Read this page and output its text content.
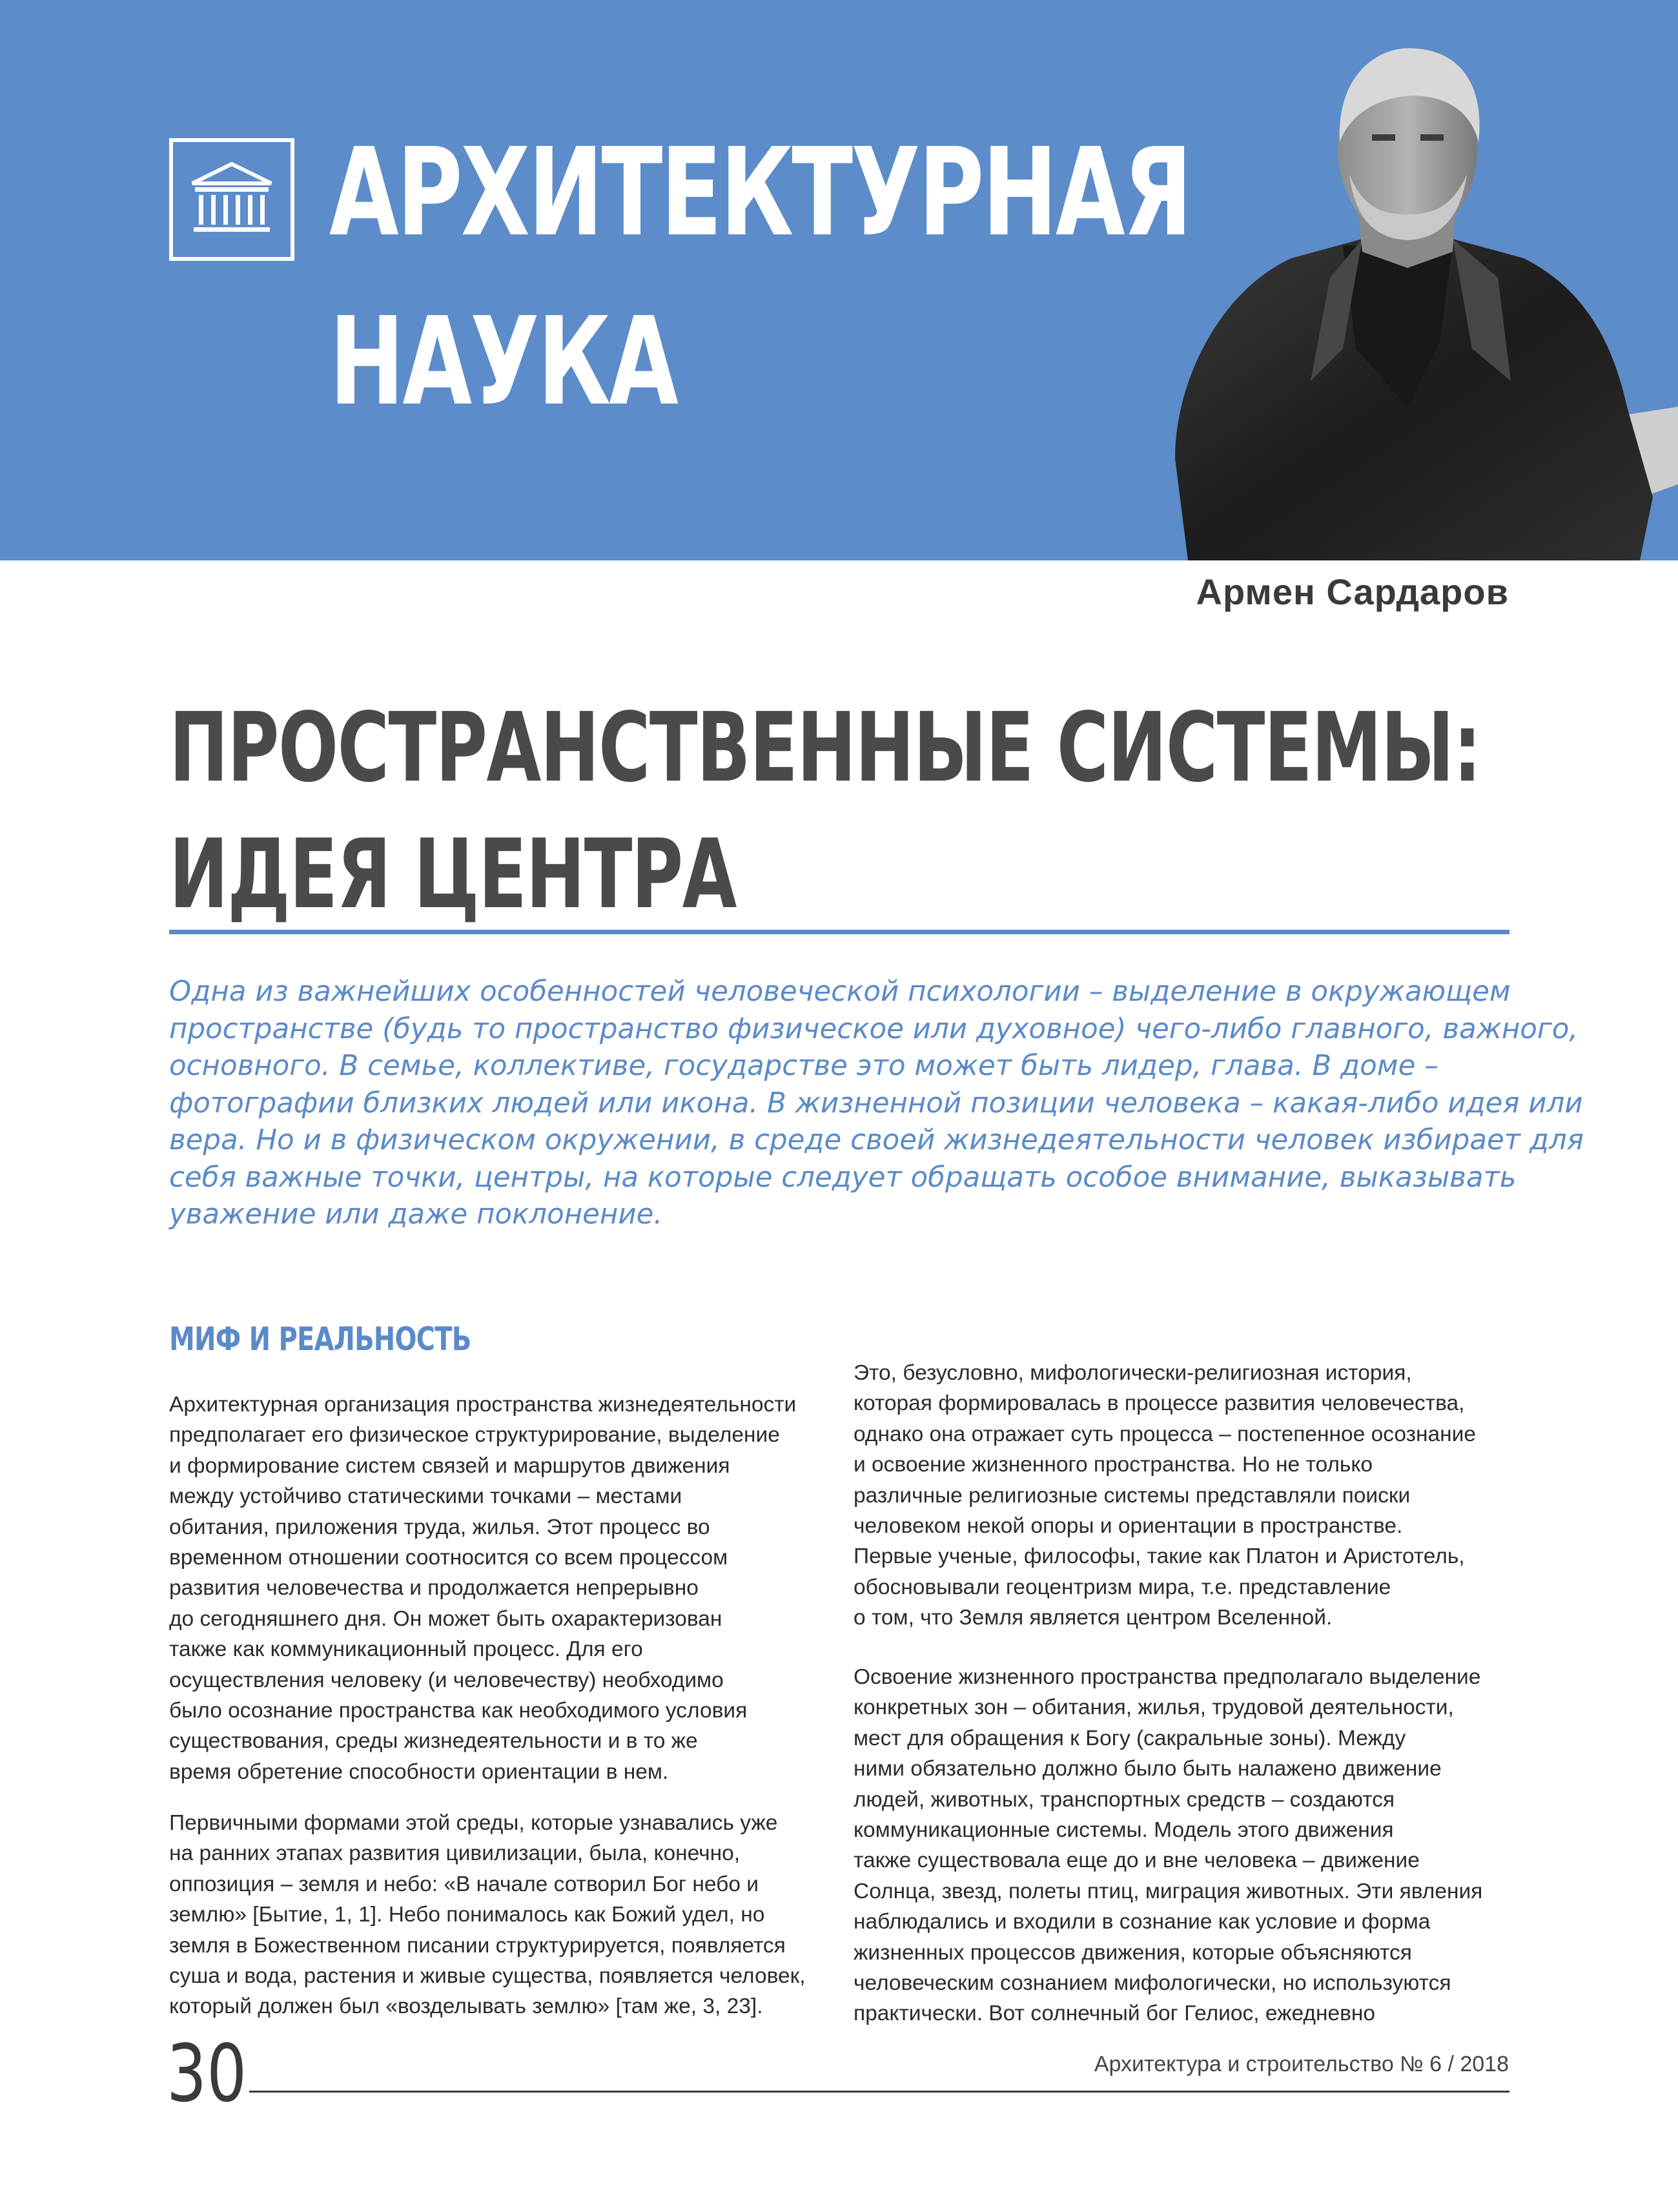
АРХИТЕКТУРНАЯ
НАУКА
Армен Сардаров
ПРОСТРАНСТВЕННЫЕ СИСТЕМЫ:
ИДЕЯ ЦЕНТРА

Одна из важнейших особенностей человеческой психологии – выделение в окружающем
пространстве (будь то пространство физическое или духовное) чего-либо главного, важного,
основного. В семье, коллективе, государстве это может быть лидер, глава. В доме –
фотографии близких людей или икона. В жизненной позиции человека – какая-либо идея или
вера. Но и в физическом окружении, в среде своей жизнедеятельности человек избирает для
себя важные точки, центры, на которые следует обращать особое внимание, выказывать
уважение или даже поклонение.

МИФ И РЕАЛЬНОСТЬ

Архитектурная организация пространства жизнедеятельности
предполагает его физическое структурирование, выделение
и формирование систем связей и маршрутов движения
между устойчиво статическими точками – местами
обитания, приложения труда, жилья. Этот процесс во
временном отношении соотносится со всем процессом
развития человечества и продолжается непрерывно
до сегодняшнего дня. Он может быть охарактеризован
также как коммуникационный процесс. Для его
осуществления человеку (и человечеству) необходимо
было осознание пространства как необходимого условия
существования, среды жизнедеятельности и в то же
время обретение способности ориентации в нем.

Первичными формами этой среды, которые узнавались уже
на ранних этапах развития цивилизации, была, конечно,
оппозиция – земля и небо: «В начале сотворил Бог небо и
землю» [Бытие, 1, 1]. Небо понималось как Божий удел, но
земля в Божественном писании структурируется, появляется
суша и вода, растения и живые существа, появляется человек,
который должен был «возделывать землю» [там же, 3, 23].

Это, безусловно, мифологически-религиозная история,
которая формировалась в процессе развития человечества,
однако она отражает суть процесса – постепенное осознание
и освоение жизненного пространства. Но не только
различные религиозные системы представляли поиски
человеком некой опоры и ориентации в пространстве.
Первые ученые, философы, такие как Платон и Аристотель,
обосновывали геоцентризм мира, т.е. представление
о том, что Земля является центром Вселенной.

Освоение жизненного пространства предполагало выделение
конкретных зон – обитания, жилья, трудовой деятельности,
мест для обращения к Богу (сакральные зоны). Между
ними обязательно должно было быть налажено движение
людей, животных, транспортных средств – создаются
коммуникационные системы. Модель этого движения
также существовала еще до и вне человека – движение
Солнца, звезд, полеты птиц, миграция животных. Эти явления
наблюдались и входили в сознание как условие и форма
жизненных процессов движения, которые объясняются
человеческим сознанием мифологически, но используются
практически. Вот солнечный бог Гелиос, ежедневно

30	Архитектура и строительство № 6 / 2018
